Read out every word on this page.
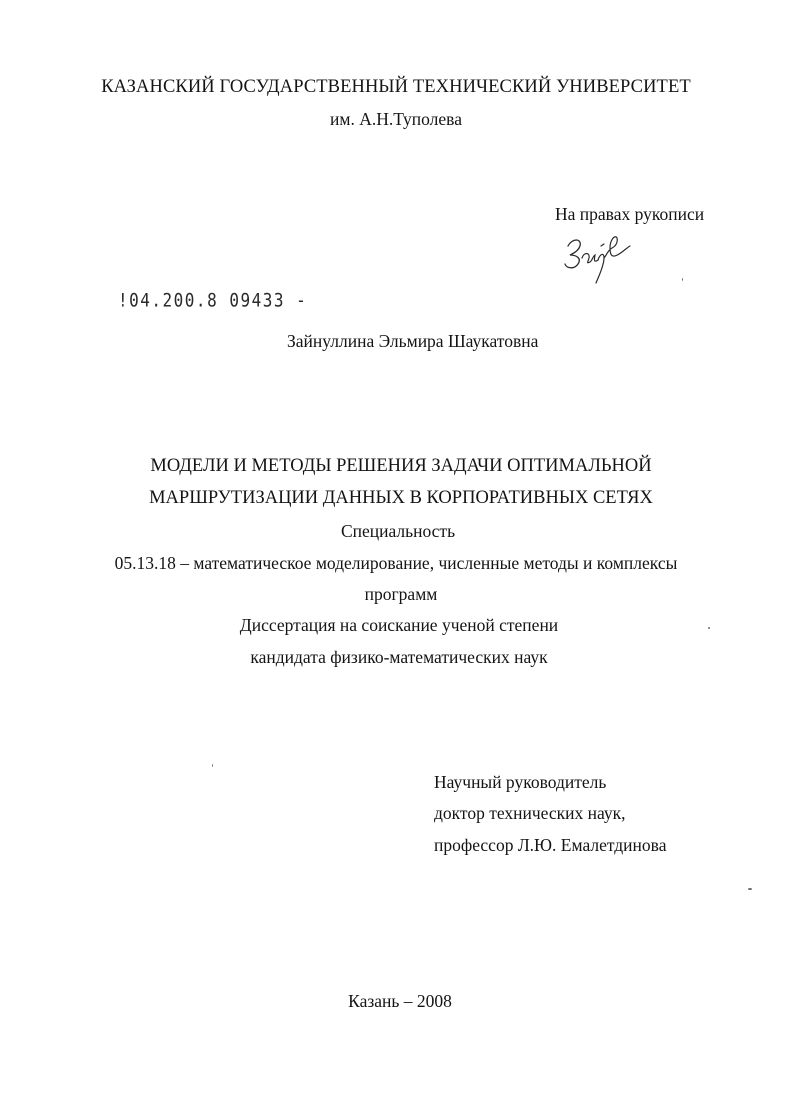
КАЗАНСКИЙ ГОСУДАРСТВЕННЫЙ ТЕХНИЧЕСКИЙ УНИВЕРСИТЕТ
им. А.Н.Туполева
На правах рукописи
!04.200.8 09433 -
Зайнуллина Эльмира Шаукатовна
МОДЕЛИ И МЕТОДЫ РЕШЕНИЯ ЗАДАЧИ ОПТИМАЛЬНОЙ
МАРШРУТИЗАЦИИ ДАННЫХ В КОРПОРАТИВНЫХ СЕТЯХ
Специальность
05.13.18 – математическое моделирование, численные методы и комплексы
программ
Диссертация на соискание ученой степени
кандидата физико-математических наук
Научный руководитель
доктор технических наук,
профессор Л.Ю. Емалетдинова
Казань – 2008
